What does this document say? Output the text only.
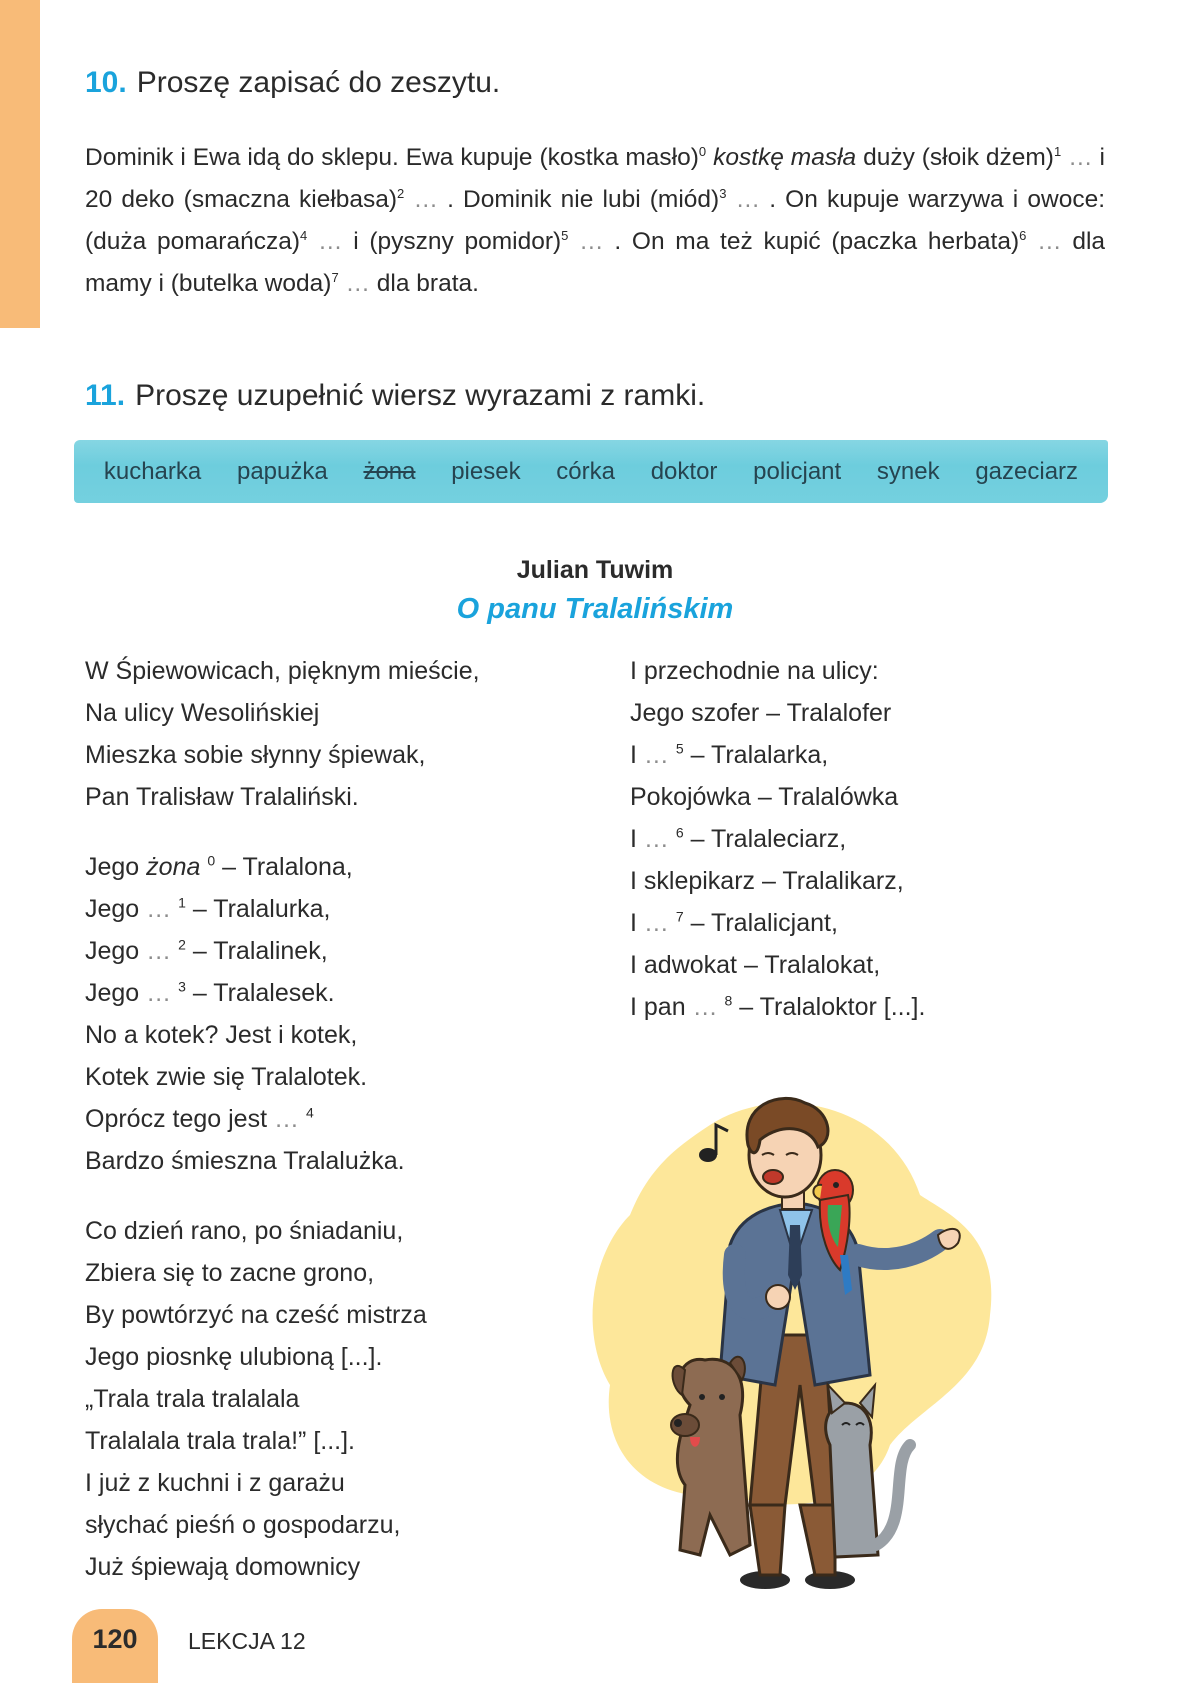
10. Proszę zapisać do zeszytu.
Dominik i Ewa idą do sklepu. Ewa kupuje (kostka masło)$^0$ kostkę masła duży (słoik dżem)$^1$ … i 20 deko (smaczna kiełbasa)$^2$ … . Dominik nie lubi (miód)$^3$ … . On kupuje warzywa i owoce: (duża pomarańcza)$^4$ … i (pyszny pomidor)$^5$ … . On ma też kupić (paczka herbata)$^6$ … dla mamy i (butelka woda)$^7$ … dla brata.
11. Proszę uzupełnić wiersz wyrazami z ramki.
kucharka papużka żona piesek córka doktor policjant synek gazeciarz
Julian Tuwim
O panu Tralalińskim
W Śpiewowicach, pięknym mieście,
Na ulicy Wesolińskiej
Mieszka sobie słynny śpiewak,
Pan Tralisław Tralaliński.
Jego żona $^0$ – Tralalona,
Jego … $^1$ – Tralalurka,
Jego … $^2$ – Tralalinek,
Jego … $^3$ – Tralalesek.
No a kotek? Jest i kotek,
Kotek zwie się Tralalotek.
Oprócz tego jest … $^4$
Bardzo śmieszna Tralalużka.
Co dzień rano, po śniadaniu,
Zbiera się to zacne grono,
By powtórzyć na cześć mistrza
Jego piosnkę ulubioną [...].
„Trala trala tralalala
Tralalala trala trala!” [...].
I już z kuchni i z garażu
słychać pieśń o gospodarzu,
Już śpiewają domownicy
I przechodnie na ulicy:
Jego szofer – Tralalofer
I … $^5$ – Tralalarka,
Pokojówka – Tralalówka
I … $^6$ – Tralaleciarz,
I sklepikarz – Tralalikarz,
I … $^7$ – Tralalicjant,
I adwokat – Tralalokat,
I pan … $^8$ – Tralaloktor [...].
120	LEKCJA 12
